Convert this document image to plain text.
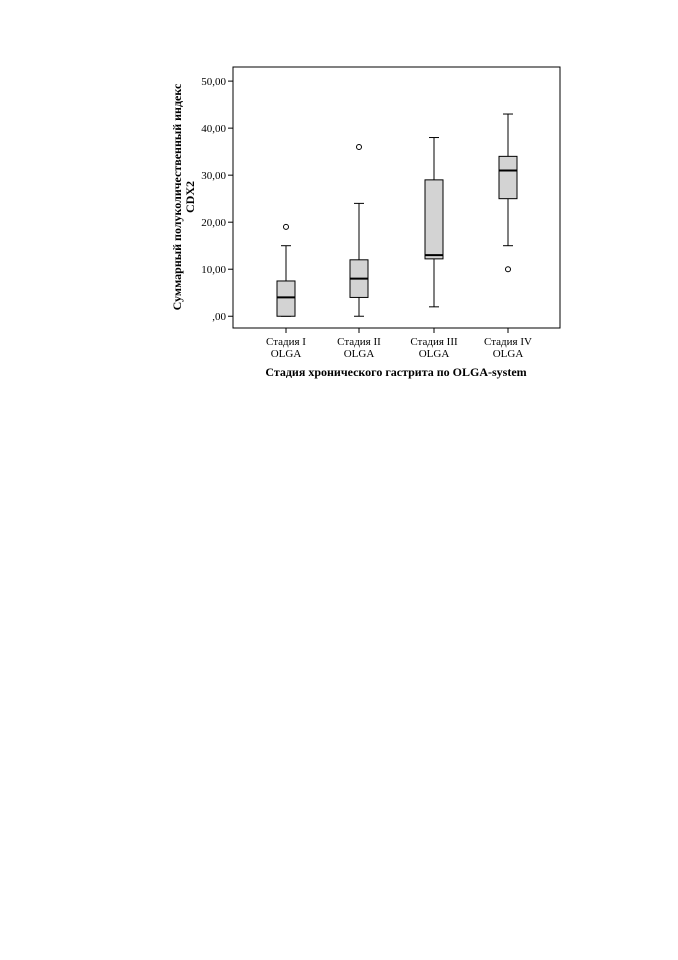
,00
10,00
20,00
30,00
40,00
50,00
Стадия I
OLGA
Стадия II
OLGA
Стадия III
OLGA
Стадия IV
OLGA
Суммарный полуколичественный индекс CDX2
Стадия хронического гастрита по OLGA-system
